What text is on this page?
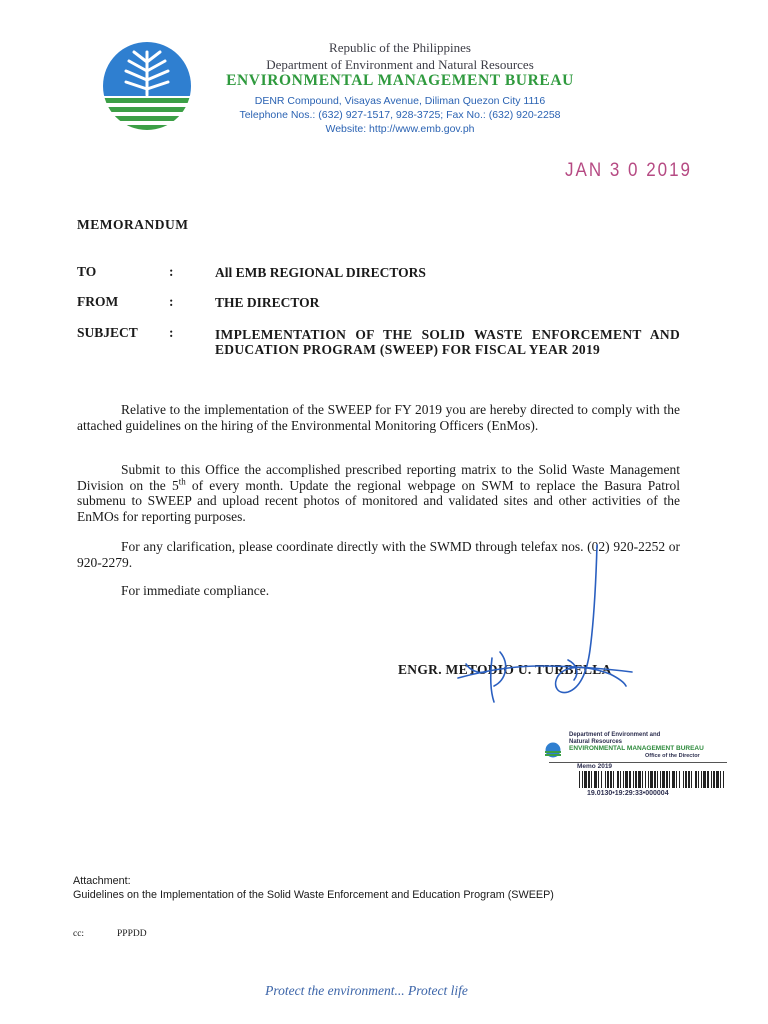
Republic of the Philippines
Department of Environment and Natural Resources
ENVIRONMENTAL MANAGEMENT BUREAU
DENR Compound, Visayas Avenue, Diliman Quezon City 1116
Telephone Nos.: (632) 927-1517, 928-3725; Fax No.: (632) 920-2258
Website: http://www.emb.gov.ph
JAN 3 0 2019
MEMORANDUM
TO	:	All EMB REGIONAL DIRECTORS
FROM	:	THE DIRECTOR
SUBJECT :	IMPLEMENTATION OF THE SOLID WASTE ENFORCEMENT AND EDUCATION PROGRAM (SWEEP) FOR FISCAL YEAR 2019
Relative to the implementation of the SWEEP for FY 2019 you are hereby directed to comply with the attached guidelines on the hiring of the Environmental Monitoring Officers (EnMos).
Submit to this Office the accomplished prescribed reporting matrix to the Solid Waste Management Division on the 5th of every month. Update the regional webpage on SWM to replace the Basura Patrol submenu to SWEEP and upload recent photos of monitored and validated sites and other activities of the EnMOs for reporting purposes.
For any clarification, please coordinate directly with the SWMD through telefax nos. (02) 920-2252 or 920-2279.
For immediate compliance.
ENGR. METODIO U. TURBELLA
Department of Environment and
Natural Resources
ENVIRONMENTAL MANAGEMENT BUREAU
Office of the Director
Memo 2019
19.0130•19:29:33•000004
Attachment:
Guidelines on the Implementation of the Solid Waste Enforcement and Education Program (SWEEP)
cc:	PPPDD
Protect the environment... Protect life
